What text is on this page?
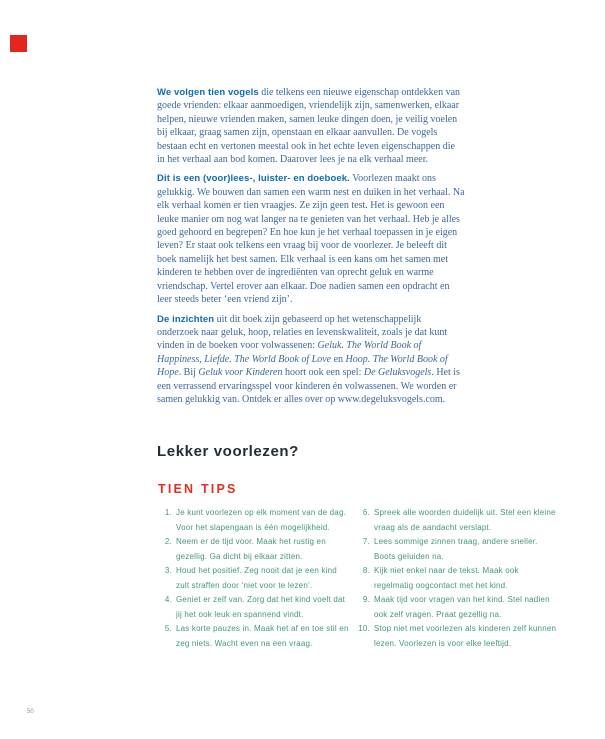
We volgen tien vogels die telkens een nieuwe eigenschap ontdekken van goede vrienden: elkaar aanmoedigen, vriendelijk zijn, samenwerken, elkaar helpen, nieuwe vrienden maken, samen leuke dingen doen, je veilig voelen bij elkaar, graag samen zijn, openstaan en elkaar aanvullen. De vogels bestaan echt en vertonen meestal ook in het echte leven eigenschappen die in het verhaal aan bod komen. Daarover lees je na elk verhaal meer.

Dit is een (voor)lees-, luister- en doeboek. Voorlezen maakt ons gelukkig. We bouwen dan samen een warm nest en duiken in het verhaal. Na elk verhaal komen er tien vraagjes. Ze zijn geen test. Het is gewoon een leuke manier om nog wat langer na te genieten van het verhaal. Heb je alles goed gehoord en begrepen? En hoe kun je het verhaal toepassen in je eigen leven? Er staat ook telkens een vraag bij voor de voorlezer. Je beleeft dit boek namelijk het best samen. Elk verhaal is een kans om het samen met kinderen te hebben over de ingrediënten van oprecht geluk en warme vriendschap. Vertel erover aan elkaar. Doe nadien samen een opdracht en leer steeds beter ‘een vriend zijn’.

De inzichten uit dit boek zijn gebaseerd op het wetenschappelijk onderzoek naar geluk, hoop, relaties en levenskwaliteit, zoals je dat kunt vinden in de boeken voor volwassenen: Geluk. The World Book of Happiness, Liefde. The World Book of Love en Hoop. The World Book of Hope. Bij Geluk voor Kinderen hoort ook een spel: De Geluksvogels. Het is een verrassend ervaringsspel voor kinderen én volwassenen. We worden er samen gelukkig van. Ontdek er alles over op www.degeluksvogels.com.

Lekker voorlezen?
TIEN TIPS
1. Je kunt voorlezen op elk moment van de dag. Voor het slapengaan is één mogelijkheid.
2. Neem er de tijd voor. Maak het rustig en gezellig. Ga dicht bij elkaar zitten.
3. Houd het positief. Zeg nooit dat je een kind zult straffen door ‘niet voor te lezen’.
4. Geniet er zelf van. Zorg dat het kind voelt dat jij het ook leuk en spannend vindt.
5. Las korte pauzes in. Maak het af en toe stil en zeg niets. Wacht even na een vraag.
6. Spreek alle woorden duidelijk uit. Stel een kleine vraag als de aandacht verslapt.
7. Lees sommige zinnen traag, andere sneller. Boots geluiden na.
8. Kijk niet enkel naar de tekst. Maak ook regelmatig oogcontact met het kind.
9. Maak tijd voor vragen van het kind. Stel nadien ook zelf vragen. Praat gezellig na.
10. Stop niet met voorlezen als kinderen zelf kunnen lezen. Voorlezen is voor elke leeftijd.
50
